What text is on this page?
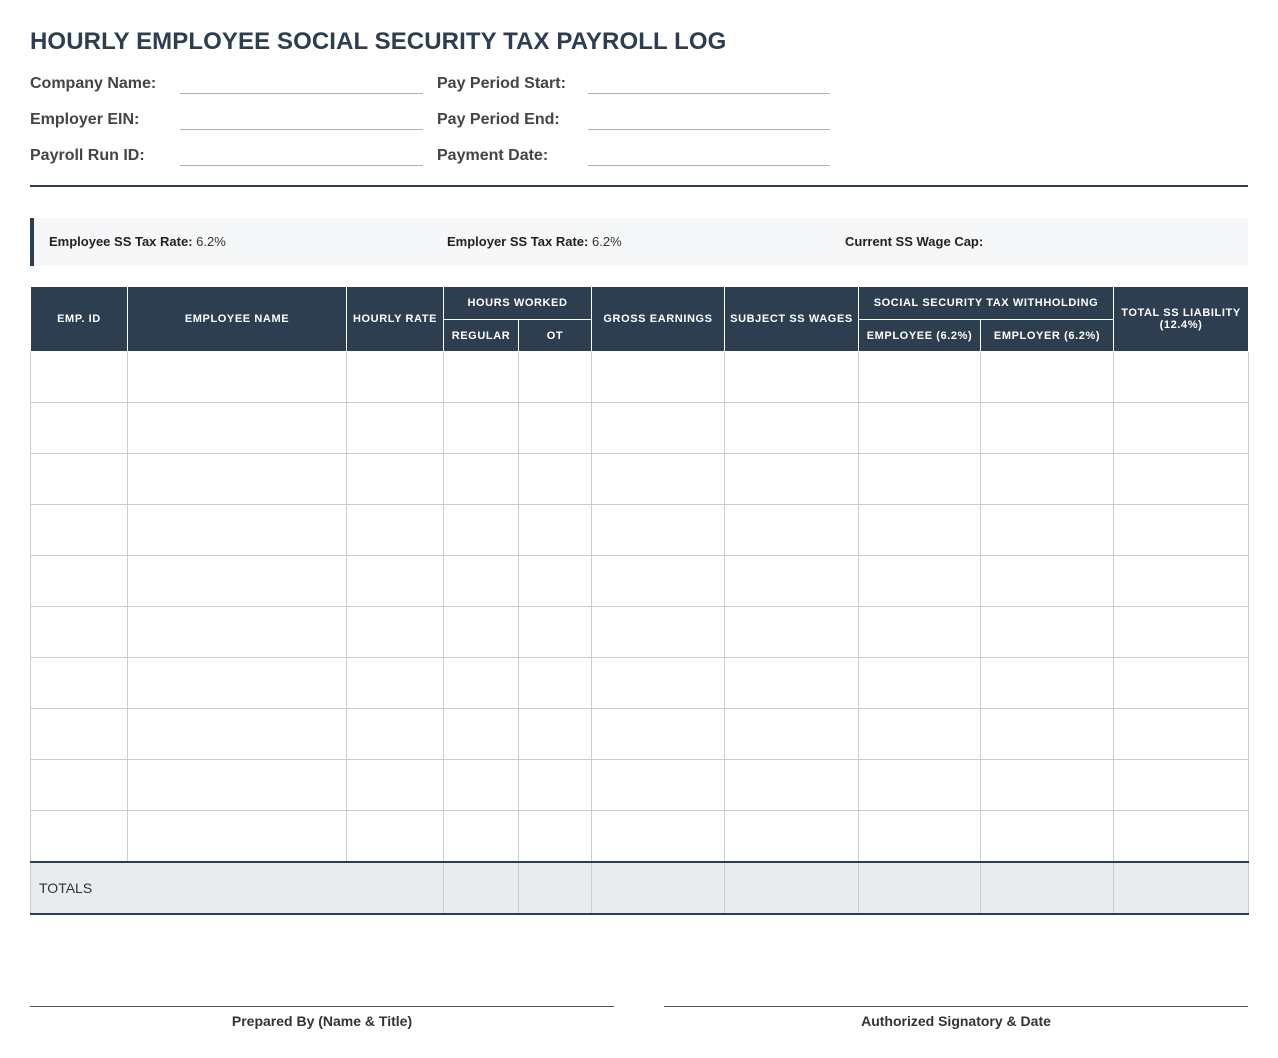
HOURLY EMPLOYEE SOCIAL SECURITY TAX PAYROLL LOG
Company Name:
Employer EIN:
Payroll Run ID:
Pay Period Start:
Pay Period End:
Payment Date:
Employee SS Tax Rate: 6.2%	Employer SS Tax Rate: 6.2%	Current SS Wage Cap:
EMP. ID	EMPLOYEE NAME	HOURLY RATE	HOURS WORKED		GROSS EARNINGS	SUBJECT SS WAGES	SOCIAL SECURITY TAX WITHHOLDING		TOTAL SS LIABILITY (12.4%)
			REGULAR	OT			EMPLOYEE (6.2%)	EMPLOYER (6.2%)	

TOTALS									
Prepared By (Name & Title)	Authorized Signatory & Date
